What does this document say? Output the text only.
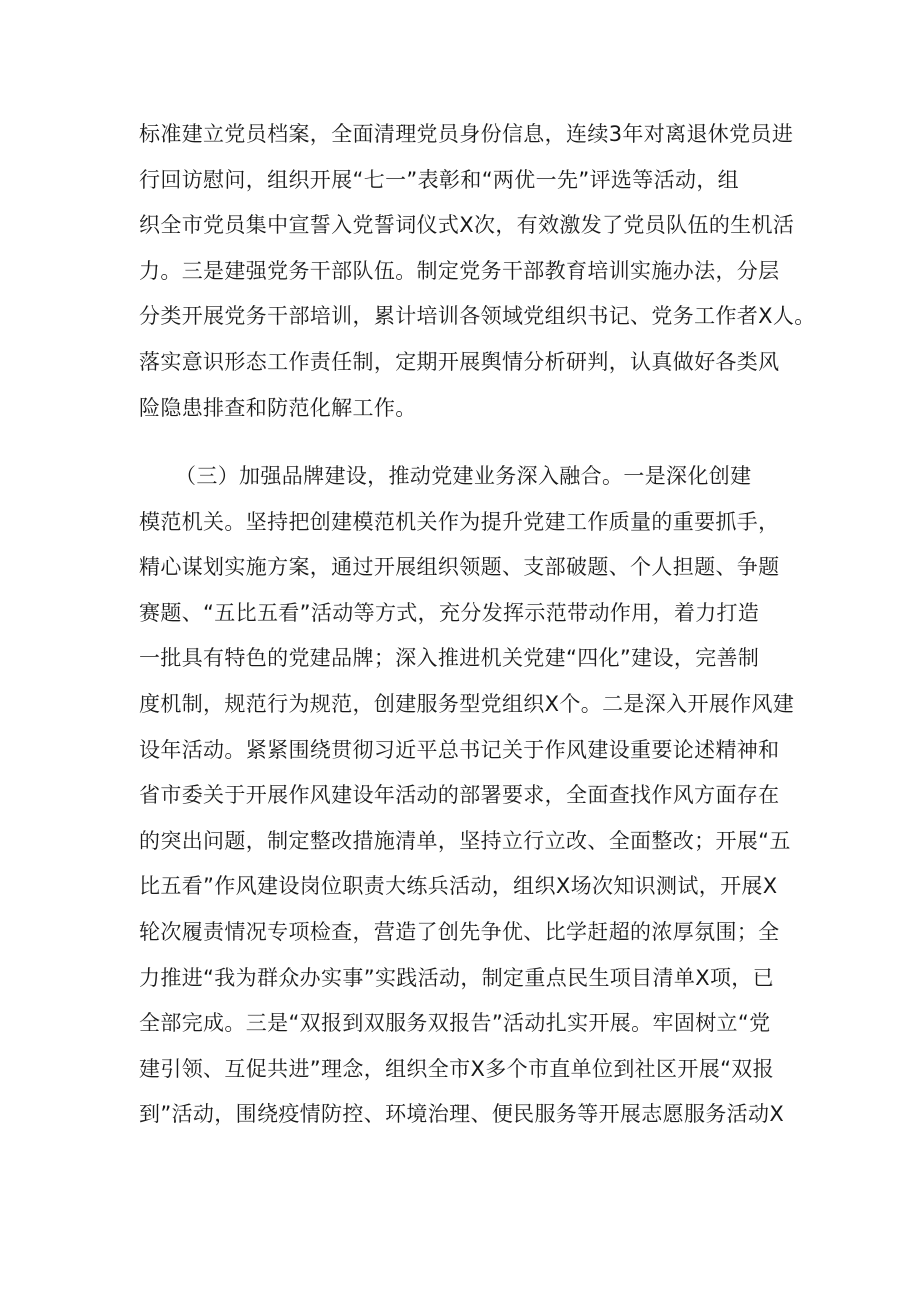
标准建立党员档案，全面清理党员身份信息，连续3年对离退休党员进
行回访慰问，组织开展“七一”表彰和“两优一先”评选等活动，组
织全市党员集中宣誓入党誓词仪式X次，有效激发了党员队伍的生机活
力。三是建强党务干部队伍。制定党务干部教育培训实施办法，分层
分类开展党务干部培训，累计培训各领域党组织书记、党务工作者X人。
落实意识形态工作责任制，定期开展舆情分析研判，认真做好各类风
险隐患排查和防范化解工作。
（三）加强品牌建设，推动党建业务深入融合。一是深化创建
模范机关。坚持把创建模范机关作为提升党建工作质量的重要抓手，
精心谋划实施方案，通过开展组织领题、支部破题、个人担题、争题
赛题、“五比五看”活动等方式，充分发挥示范带动作用，着力打造
一批具有特色的党建品牌；深入推进机关党建“四化”建设，完善制
度机制，规范行为规范，创建服务型党组织X个。二是深入开展作风建
设年活动。紧紧围绕贯彻习近平总书记关于作风建设重要论述精神和
省市委关于开展作风建设年活动的部署要求，全面查找作风方面存在
的突出问题，制定整改措施清单，坚持立行立改、全面整改；开展“五
比五看”作风建设岗位职责大练兵活动，组织X场次知识测试，开展X
轮次履责情况专项检查，营造了创先争优、比学赶超的浓厚氛围；全
力推进“我为群众办实事”实践活动，制定重点民生项目清单X项，已
全部完成。三是“双报到双服务双报告”活动扎实开展。牢固树立“党
建引领、互促共进”理念，组织全市X多个市直单位到社区开展“双报
到”活动，围绕疫情防控、环境治理、便民服务等开展志愿服务活动X
